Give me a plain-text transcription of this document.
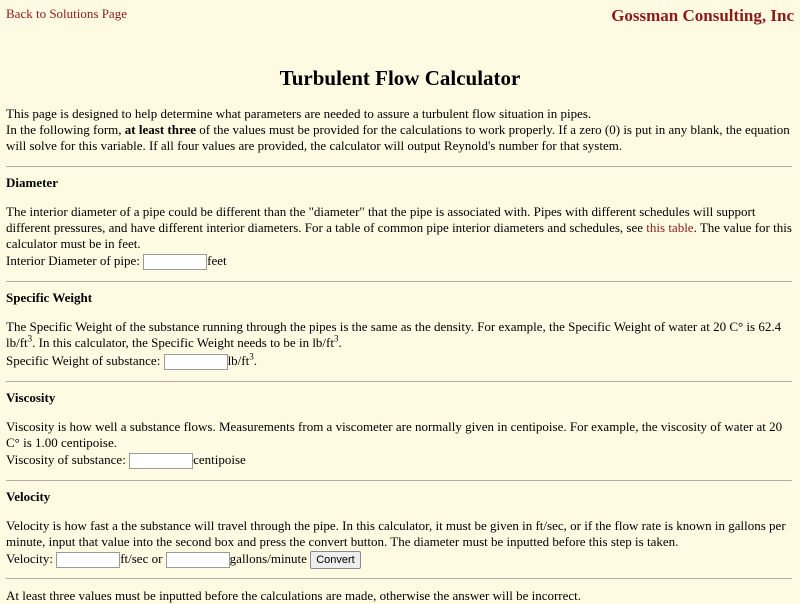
Back to Solutions Page	Gossman Consulting, Inc
Turbulent Flow Calculator

This page is designed to help determine what parameters are needed to assure a turbulent flow situation in pipes.
In the following form, at least three of the values must be provided for the calculations to work properly. If a zero (0) is put in any blank, the equation will solve for this variable. If all four values are provided, the calculator will output Reynold's number for that system.

Diameter

The interior diameter of a pipe could be different than the "diameter" that the pipe is associated with. Pipes with different schedules will support different pressures, and have different interior diameters. For a table of common pipe interior diameters and schedules, see this table. The value for this calculator must be in feet.

Interior Diameter of pipe:	feet

Specific Weight

The Specific Weight of the substance running through the pipes is the same as the density. For example, the Specific Weight of water at 20 C° is 62.4 $lb/ft^3$. In this calculator, the Specific Weight needs to be in $lb/ft^3$.

Specific Weight of substance:	$lb/ft^3$.

Viscosity

Viscosity is how well a substance flows. Measurements from a viscometer are normally given in centipoise. For example, the viscosity of water at 20 C° is 1.00 centipoise.

Viscosity of substance:	centipoise

Velocity

Velocity is how fast a the substance will travel through the pipe. In this calculator, it must be given in ft/sec, or if the flow rate is known in gallons per minute, input that value into the second box and press the convert button. The diameter must be inputted before this step is taken.

Velocity:	ft/sec or	gallons/minute Convert

At least three values must be inputted before the calculations are made, otherwise the answer will be incorrect.
